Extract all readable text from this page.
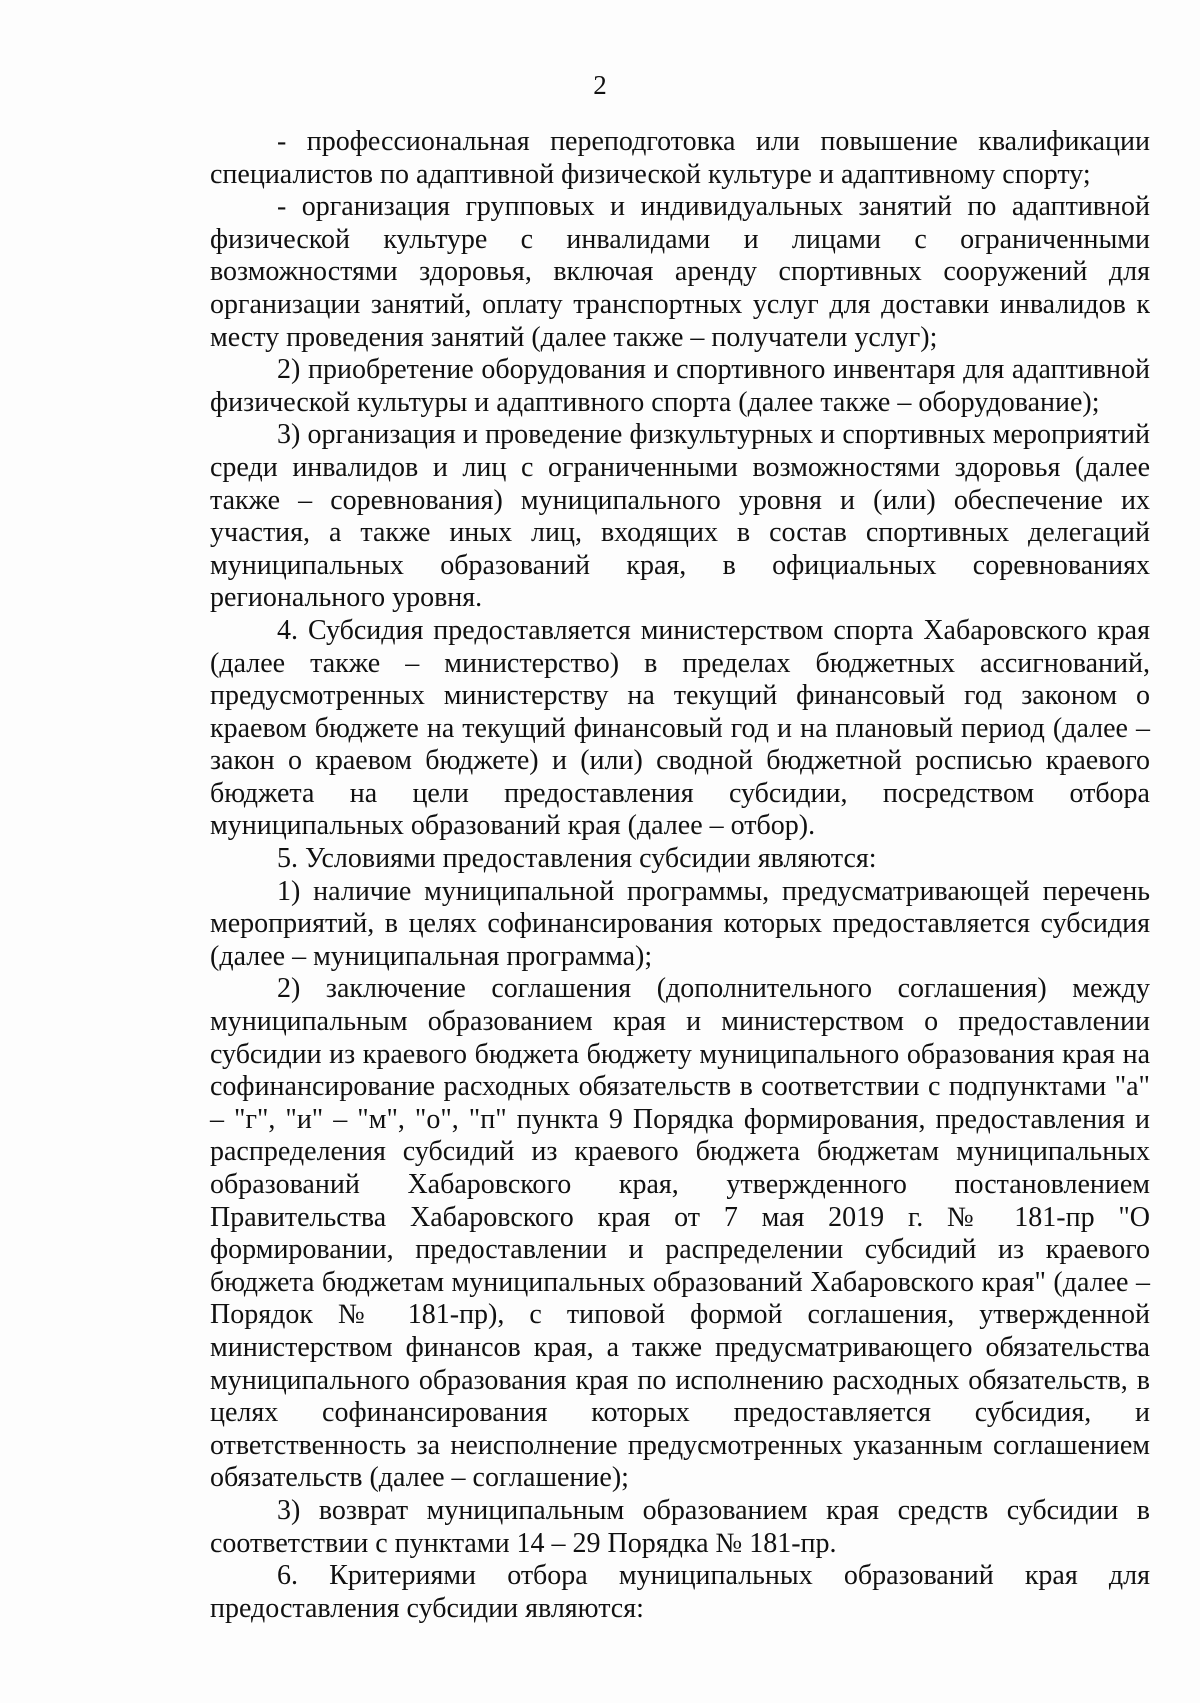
2

- профессиональная переподготовка или повышение квалификации специалистов по адаптивной физической культуре и адаптивному спорту;

- организация групповых и индивидуальных занятий по адаптивной физической культуре с инвалидами и лицами с ограниченными возможностями здоровья, включая аренду спортивных сооружений для организации занятий, оплату транспортных услуг для доставки инвалидов к месту проведения занятий (далее также – получатели услуг);

2) приобретение оборудования и спортивного инвентаря для адаптивной физической культуры и адаптивного спорта (далее также – оборудование);

3) организация и проведение физкультурных и спортивных мероприятий среди инвалидов и лиц с ограниченными возможностями здоровья (далее также – соревнования) муниципального уровня и (или) обеспечение их участия, а также иных лиц, входящих в состав спортивных делегаций муниципальных образований края, в официальных соревнованиях регионального уровня.

4. Субсидия предоставляется министерством спорта Хабаровского края (далее также – министерство) в пределах бюджетных ассигнований, предусмотренных министерству на текущий финансовый год законом о краевом бюджете на текущий финансовый год и на плановый период (далее – закон о краевом бюджете) и (или) сводной бюджетной росписью краевого бюджета на цели предоставления субсидии, посредством отбора муниципальных образований края (далее – отбор).

5. Условиями предоставления субсидии являются:

1) наличие муниципальной программы, предусматривающей перечень мероприятий, в целях софинансирования которых предоставляется субсидия (далее – муниципальная программа);

2) заключение соглашения (дополнительного соглашения) между муниципальным образованием края и министерством о предоставлении субсидии из краевого бюджета бюджету муниципального образования края на софинансирование расходных обязательств в соответствии с подпунктами "а" – "г", "и" – "м", "о", "п" пункта 9 Порядка формирования, предоставления и распределения субсидий из краевого бюджета бюджетам муниципальных образований Хабаровского края, утвержденного постановлением Правительства Хабаровского края от 7 мая 2019 г. № 181-пр "О формировании, предоставлении и распределении субсидий из краевого бюджета бюджетам муниципальных образований Хабаровского края" (далее – Порядок № 181-пр), с типовой формой соглашения, утвержденной министерством финансов края, а также предусматривающего обязательства муниципального образования края по исполнению расходных обязательств, в целях софинансирования которых предоставляется субсидия, и ответственность за неисполнение предусмотренных указанным соглашением обязательств (далее – соглашение);

3) возврат муниципальным образованием края средств субсидии в соответствии с пунктами 14 – 29 Порядка № 181-пр.

6. Критериями отбора муниципальных образований края для предоставления субсидии являются:
